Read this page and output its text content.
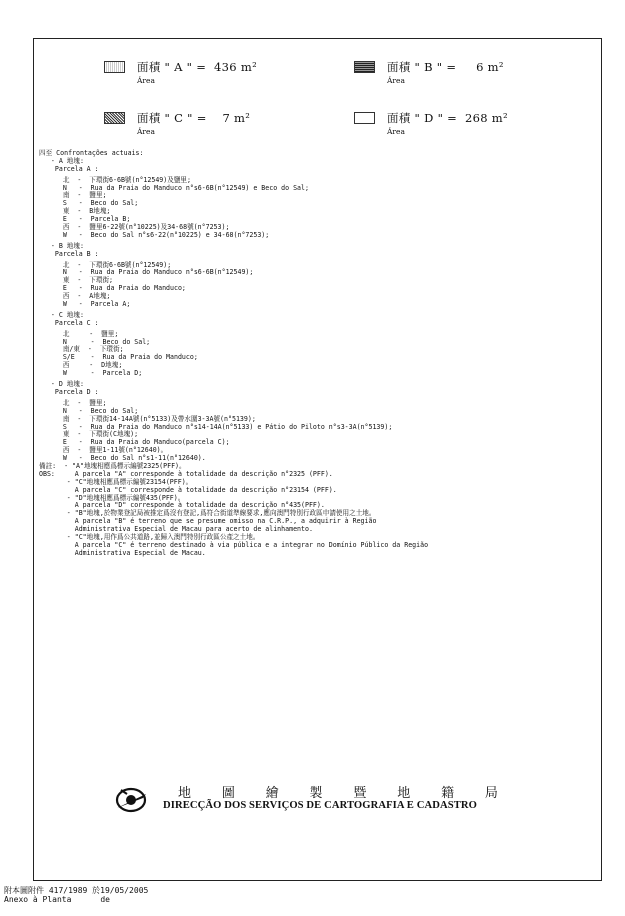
面積 " A " =  436 m²
Área
面積 " B " =     6 m²
Área
面積 " C " =    7 m²
Área
面積 " D " =  268 m²
Área
四至 Confrontações actuais:
- A 地塊:
Parcela A :
北  -  下環街6-6B號(n°12549)及鹽里;
N   -  Rua da Praia do Manduco n°s6-6B(n°12549) e Beco do Sal;
南  -  鹽里;
S   -  Beco do Sal;
東  -  B地塊;
E   -  Parcela B;
西  -  鹽里6-22號(n°10225)及34-68號(n°7253);
W   -  Beco do Sal n°s6-22(n°10225) e 34-68(n°7253);
- B 地塊:
Parcela B :
北  -  下環街6-6B號(n°12549);
N   -  Rua da Praia do Manduco n°s6-6B(n°12549);
東  -  下環街;
E   -  Rua da Praia do Manduco;
西  -  A地塊;
W   -  Parcela A;
- C 地塊:
Parcela C :
北     -  鹽里;
N      -  Beco do Sal;
南/東  -  下環街;
S/E    -  Rua da Praia do Manduco;
西     -  D地塊;
W      -  Parcela D;
- D 地塊:
Parcela D :
北  -  鹽里;
N   -  Beco do Sal;
南  -  下環街14-14A號(n°5133)及帶水圍3-3A號(n°5139);
S   -  Rua da Praia do Manduco n°s14-14A(n°5133) e Pátio do Piloto n°s3-3A(n°5139);
東  -  下環街(C地塊);
E   -  Rua da Praia do Manduco(parcela C);
西  -  鹽里1-11號(n°12640)。
W   -  Beco do Sal n°s1-11(n°12640).
備註:  - "A"地塊相應爲標示編號2325(PFF)。
OBS:     A parcela "A" corresponde à totalidade da descrição n°2325 (PFF).
- "C"地塊相應爲標示編號23154(PFF)。
A parcela "C" corresponde à totalidade da descrição n°23154 (PFF).
- "D"地塊相應爲標示編號435(PFF)。
A parcela "D" corresponde à totalidade da descrição n°435(PFF).
- "B"地塊,於物業登記局被推定爲沒有登記,爲符合街道準線要求,應向澳門特別行政區申請使用之土地。
A parcela "B" é terreno que se presume omisso na C.R.P., a adquirir à Região
Administrativa Especial de Macau para acerto de alinhamento.
- "C"地塊,用作爲公共道路,並歸入澳門特別行政區公產之土地。
A parcela "C" é terreno destinado à via pública e a integrar no Domínio Público da Região
Administrativa Especial de Macau.
地 圖 繪 製 暨 地 籍 局
DIRECÇÃO DOS SERVIÇOS DE CARTOGRAFIA E CADASTRO
附本圖附件 417/1989 於19/05/2005
Anexo à Planta      de
